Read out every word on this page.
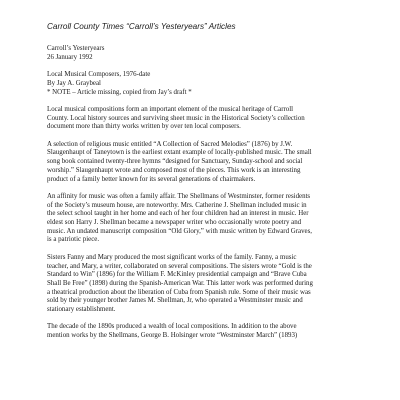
Carroll County Times “Carroll’s Yesteryears” Articles
Carroll’s Yesteryears
26 January 1992
Local Musical Composers, 1976-date
By Jay A. Graybeal
* NOTE – Article missing, copied from Jay’s draft *
Local musical compositions form an important element of the musical heritage of Carroll
County. Local history sources and surviving sheet music in the Historical Society’s collection
document more than thirty works written by over ten local composers.
A selection of religious music entitled “A Collection of Sacred Melodies” (1876) by J.W.
Slaugenhaupt of Taneytown is the earliest extant example of locally-published music. The small
song book contained twenty-three hymns “designed for Sanctuary, Sunday-school and social
worship.” Slaugenhaupt wrote and composed most of the pieces. This work is an interesting
product of a family better known for its several generations of chairmakers.
An affinity for music was often a family affair. The Shellmans of Westminster, former residents
of the Society’s museum house, are noteworthy. Mrs. Catherine J. Shellman included music in
the select school taught in her home and each of her four children had an interest in music. Her
eldest son Harry J. Shellman became a newspaper writer who occasionally wrote poetry and
music. An undated manuscript composition “Old Glory,” with music written by Edward Graves,
is a patriotic piece.
Sisters Fanny and Mary produced the most significant works of the family. Fanny, a music
teacher, and Mary, a writer, collaborated on several compositions. The sisters wrote “Gold is the
Standard to Win” (1896) for the William F. McKinley presidential campaign and “Brave Cuba
Shall Be Free” (1898) during the Spanish-American War. This latter work was performed during
a theatrical production about the liberation of Cuba from Spanish rule. Some of their music was
sold by their younger brother James M. Shellman, Jr, who operated a Westminster music and
stationary establishment.
The decade of the 1890s produced a wealth of local compositions. In addition to the above
mention works by the Shellmans, George B. Holsinger wrote “Westminster March” (1893)
